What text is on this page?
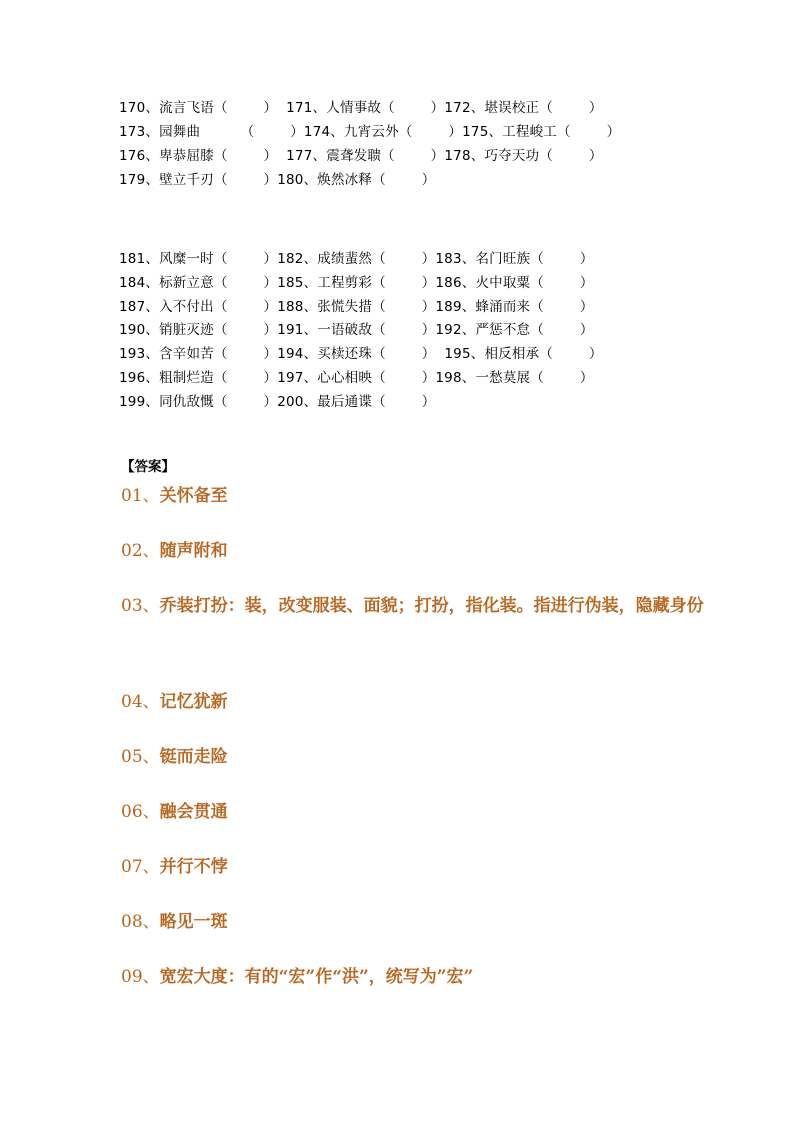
170、流言飞语（        ）  171、人情事故（        ）172、堪误校正（        ）
173、园舞曲         （        ）174、九宵云外（        ）175、工程峻工（        ）
176、卑恭屈膝（        ）  177、震聋发聩（        ）178、巧夺天功（        ）
179、壁立千刃（        ）180、焕然冰释（        ）
181、风糜一时（        ）182、成绩蜚然（        ）183、名门旺族（        ）
184、标新立意（        ）185、工程剪彩（        ）186、火中取粟（        ）
187、入不付出（        ）188、张慌失措（        ）189、蜂涌而来（        ）
190、销脏灭迹（        ）191、一语破敌（        ）192、严惩不怠（        ）
193、含辛如苦（        ）194、买椟还珠（        ）  195、相反相承（        ）
196、粗制烂造（        ）197、心心相映（        ）198、一愁莫展（        ）
199、同仇敌慨（        ）200、最后通谍（        ）
【答案】
01、关怀备至
02、随声附和
03、乔装打扮：装，改变服装、面貌；打扮，指化装。指进行伪装，隐藏身份
04、记忆犹新
05、铤而走险
06、融会贯通
07、并行不悖
08、略见一斑
09、宽宏大度：有的“宏”作“洪”，统写为”宏”
